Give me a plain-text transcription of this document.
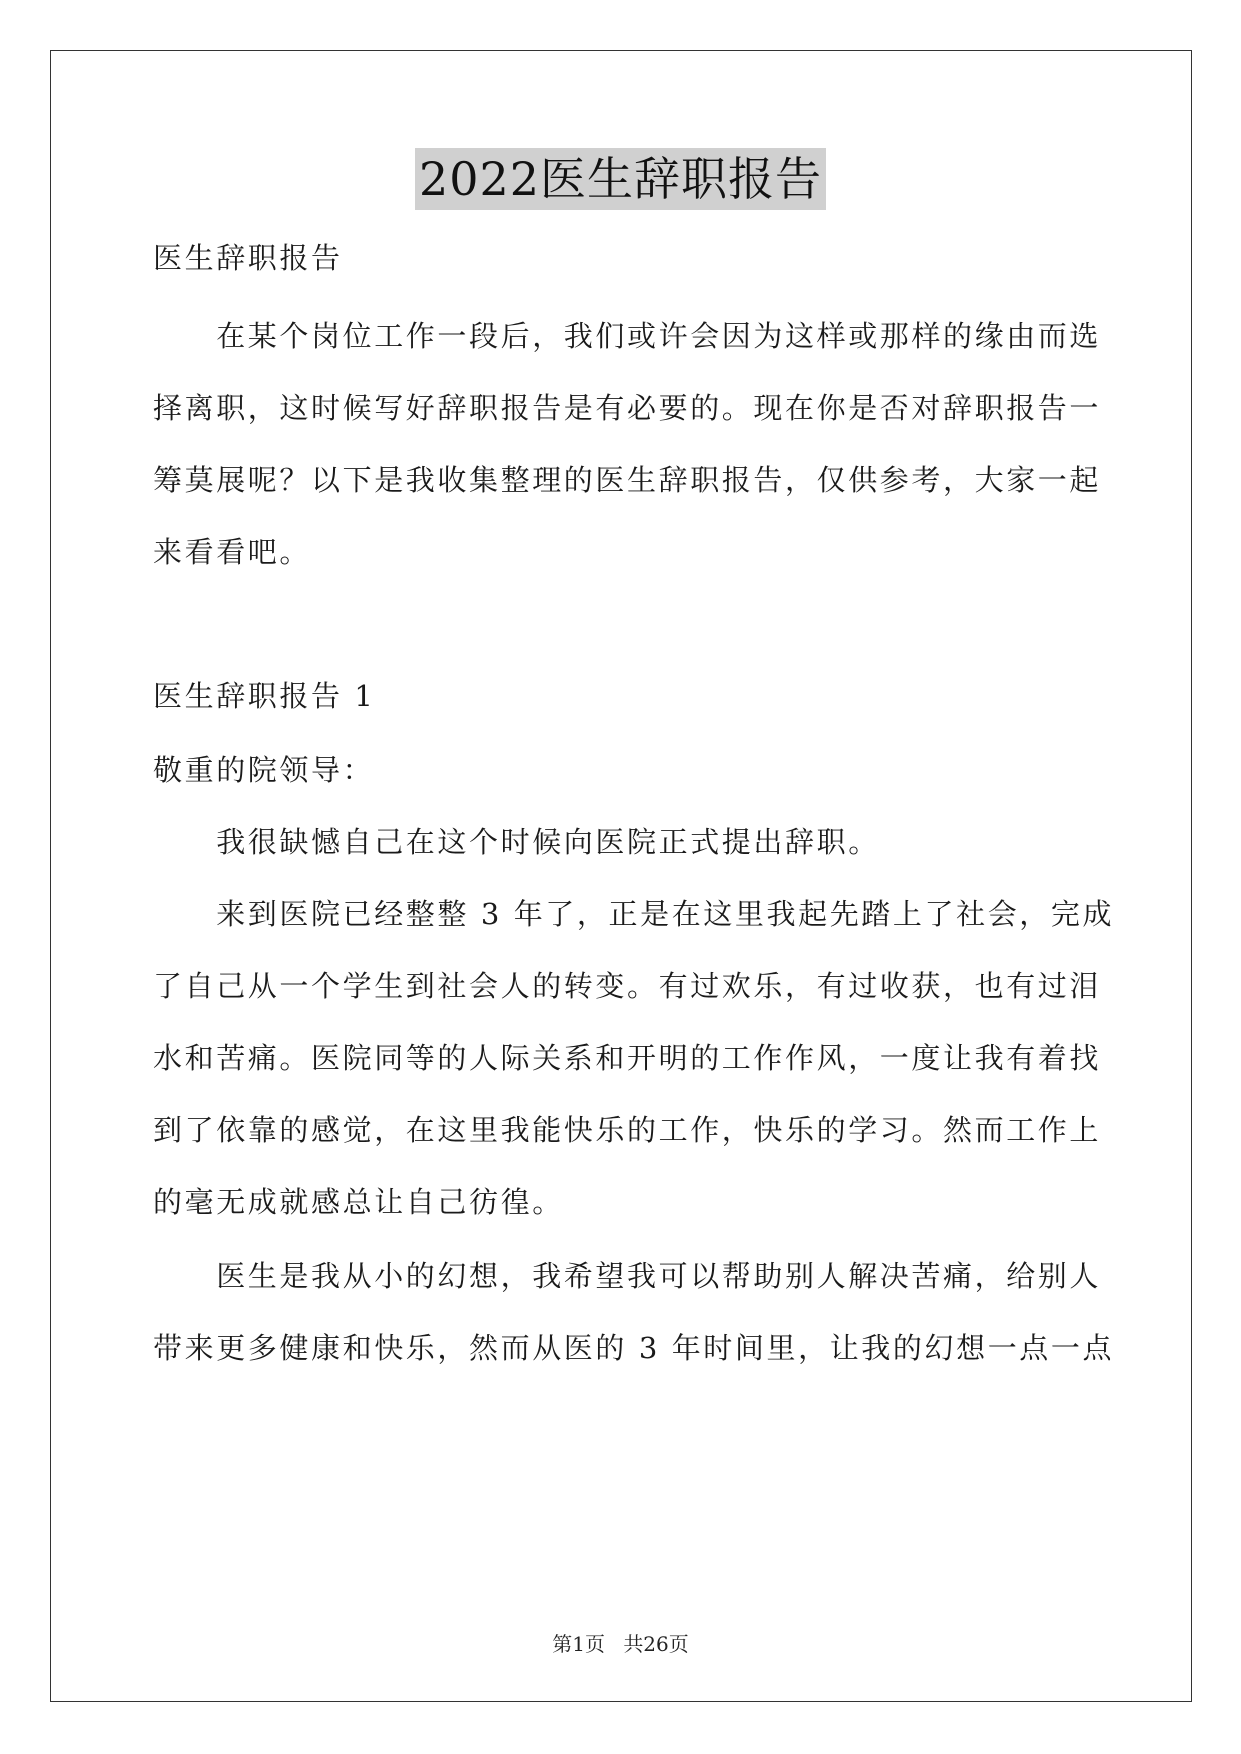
2022医生辞职报告

医生辞职报告

　　在某个岗位工作一段后，我们或许会因为这样或那样的缘由而选

择离职，这时候写好辞职报告是有必要的。现在你是否对辞职报告一

筹莫展呢？以下是我收集整理的医生辞职报告，仅供参考，大家一起

来看看吧。

医生辞职报告 1

敬重的院领导：

　　我很缺憾自己在这个时候向医院正式提出辞职。

　　来到医院已经整整 3 年了，正是在这里我起先踏上了社会，完成

了自己从一个学生到社会人的转变。有过欢乐，有过收获，也有过泪

水和苦痛。医院同等的人际关系和开明的工作作风，一度让我有着找

到了依靠的感觉，在这里我能快乐的工作，快乐的学习。然而工作上

的毫无成就感总让自己彷徨。

　　医生是我从小的幻想，我希望我可以帮助别人解决苦痛，给别人

带来更多健康和快乐，然而从医的 3 年时间里，让我的幻想一点一点

第1页 共26页
